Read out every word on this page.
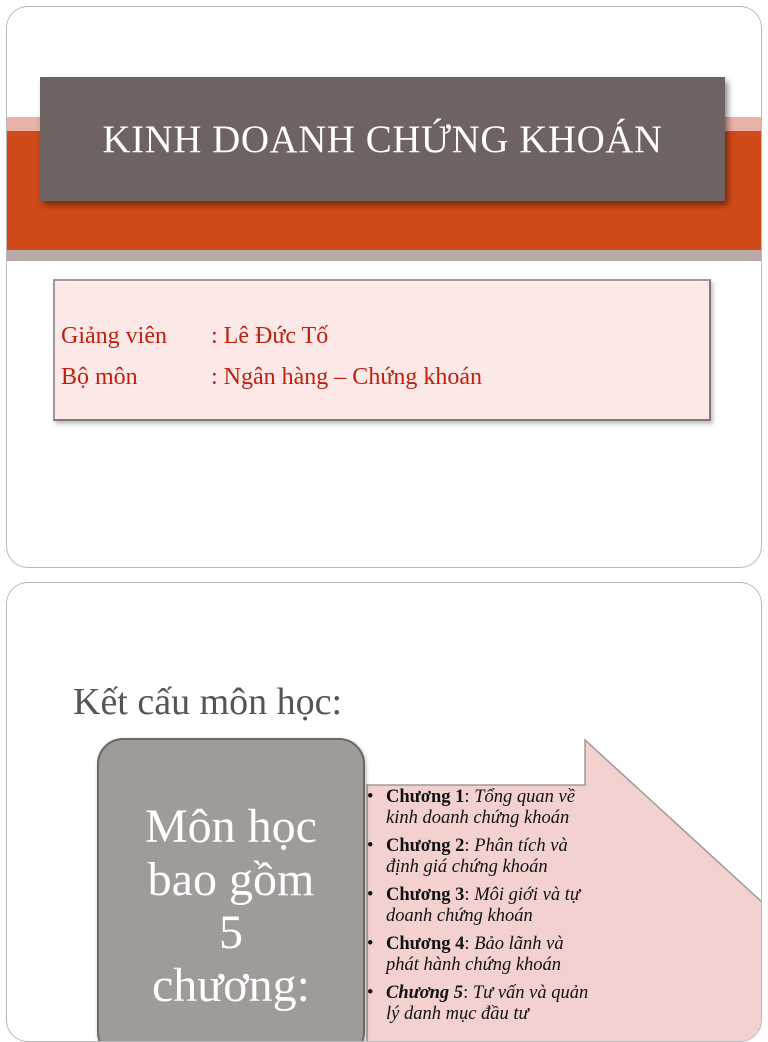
KINH DOANH CHỨNG KHOÁN
Giảng viên : Lê Đức Tố
Bộ môn	: Ngân hàng – Chứng khoán
Kết cấu môn học:
Môn học
bao gồm
5
chương:
• Chương 1: Tổng quan về
kinh doanh chứng khoán
• Chương 2: Phân tích và
định giá chứng khoán
• Chương 3: Môi giới và tự
doanh chứng khoán
• Chương 4: Bảo lãnh và
phát hành chứng khoán
• Chương 5: Tư vấn và quản
lý danh mục đầu tư
